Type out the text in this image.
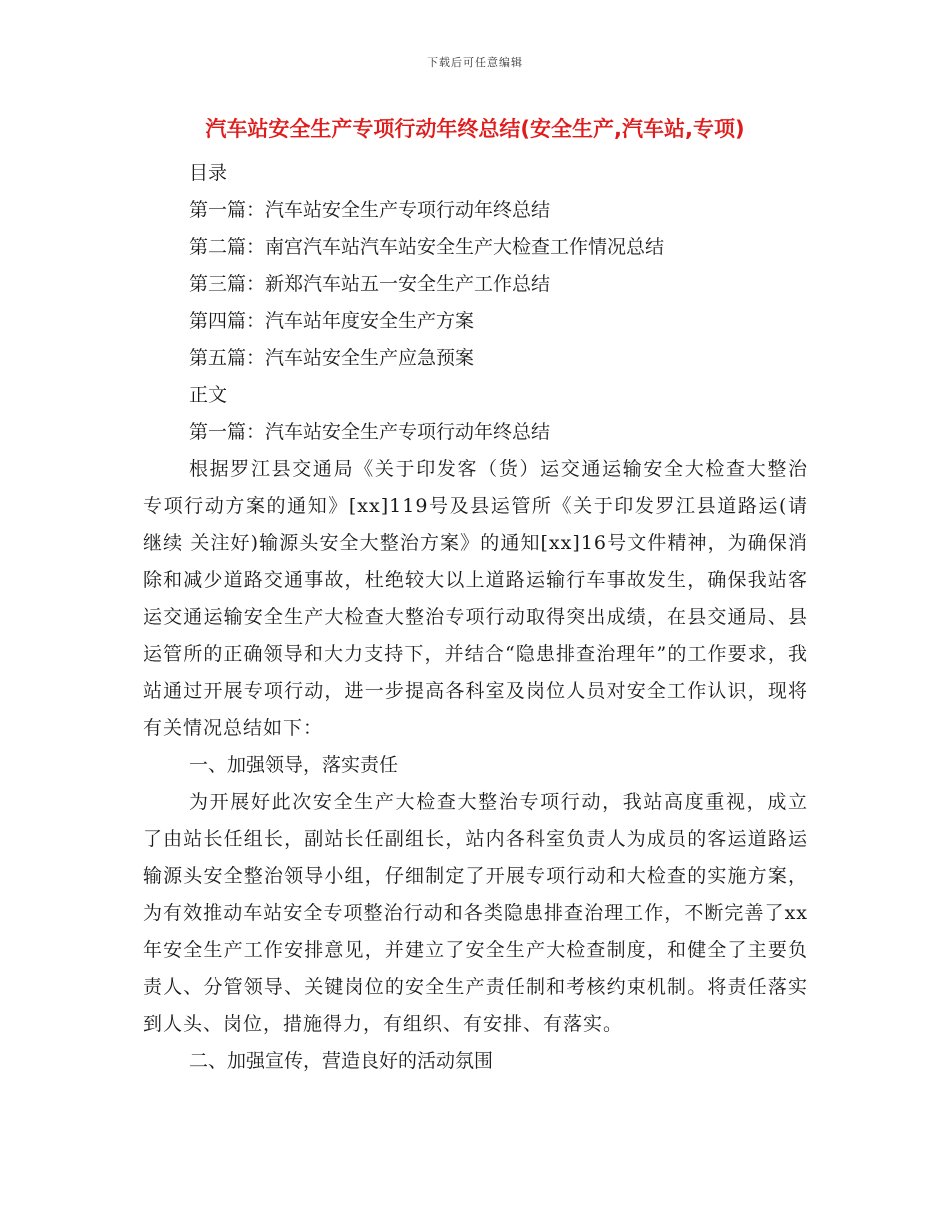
下载后可任意编辑
汽车站安全生产专项行动年终总结(安全生产,汽车站,专项)

目录

第一篇：汽车站安全生产专项行动年终总结

第二篇：南宫汽车站汽车站安全生产大检查工作情况总结

第三篇：新郑汽车站五一安全生产工作总结

第四篇：汽车站年度安全生产方案

第五篇：汽车站安全生产应急预案

正文

第一篇：汽车站安全生产专项行动年终总结

根据罗江县交通局《关于印发客（货）运交通运输安全大检查大整治专项行动方案的通知》[xx]119号及县运管所《关于印发罗江县道路运(请继续 关注好)输源头安全大整治方案》的通知[xx]16号文件精神，为确保消除和减少道路交通事故，杜绝较大以上道路运输行车事故发生，确保我站客运交通运输安全生产大检查大整治专项行动取得突出成绩，在县交通局、县运管所的正确领导和大力支持下，并结合“隐患排查治理年”的工作要求，我站通过开展专项行动，进一步提高各科室及岗位人员对安全工作认识，现将有关情况总结如下：

一、加强领导，落实责任

为开展好此次安全生产大检查大整治专项行动，我站高度重视，成立了由站长任组长，副站长任副组长，站内各科室负责人为成员的客运道路运输源头安全整治领导小组，仔细制定了开展专项行动和大检查的实施方案，为有效推动车站安全专项整治行动和各类隐患排查治理工作，不断完善了xx年安全生产工作安排意见，并建立了安全生产大检查制度，和健全了主要负责人、分管领导、关键岗位的安全生产责任制和考核约束机制。将责任落实到人头、岗位，措施得力，有组织、有安排、有落实。

二、加强宣传，营造良好的活动氛围
